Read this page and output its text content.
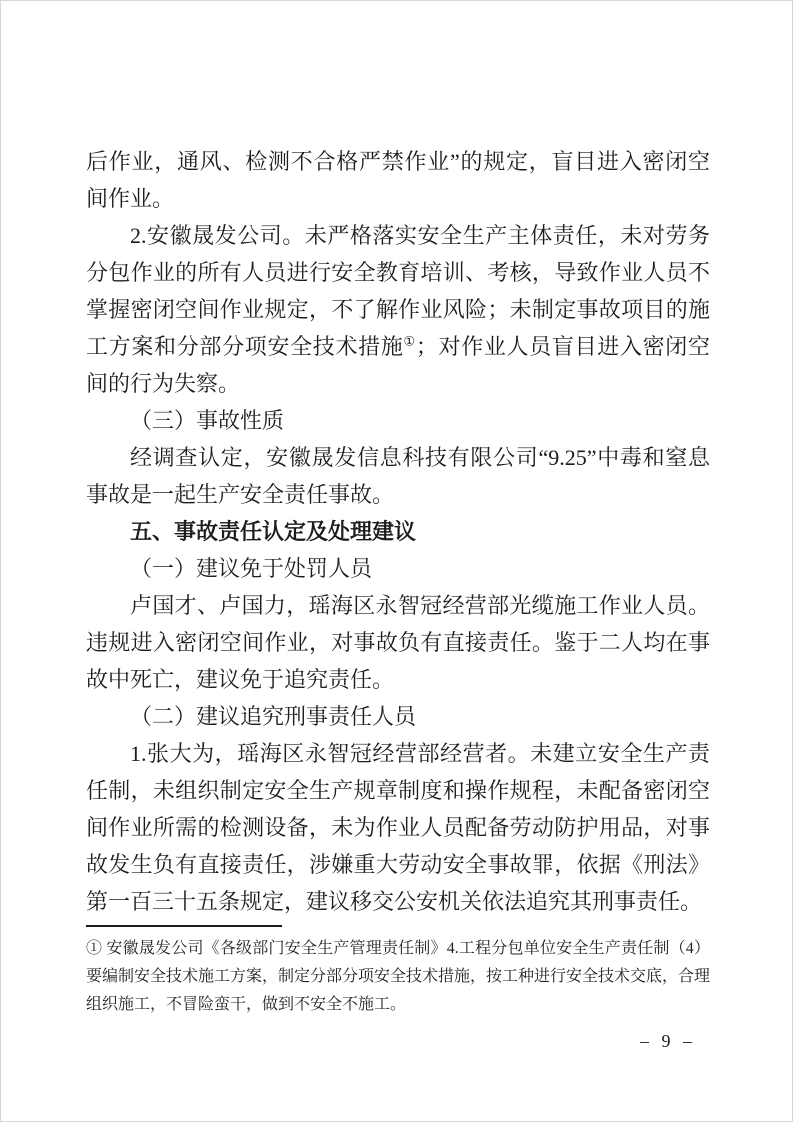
后作业，通风、检测不合格严禁作业”的规定，盲目进入密闭空间作业。

2.安徽晟发公司。未严格落实安全生产主体责任，未对劳务分包作业的所有人员进行安全教育培训、考核，导致作业人员不掌握密闭空间作业规定，不了解作业风险；未制定事故项目的施工方案和分部分项安全技术措施①；对作业人员盲目进入密闭空间的行为失察。

（三）事故性质

经调查认定，安徽晟发信息科技有限公司“9.25”中毒和窒息事故是一起生产安全责任事故。

五、事故责任认定及处理建议

（一）建议免于处罚人员

卢国才、卢国力，瑶海区永智冠经营部光缆施工作业人员。违规进入密闭空间作业，对事故负有直接责任。鉴于二人均在事故中死亡，建议免于追究责任。

（二）建议追究刑事责任人员

1.张大为，瑶海区永智冠经营部经营者。未建立安全生产责任制，未组织制定安全生产规章制度和操作规程，未配备密闭空间作业所需的检测设备，未为作业人员配备劳动防护用品，对事故发生负有直接责任，涉嫌重大劳动安全事故罪，依据《刑法》第一百三十五条规定，建议移交公安机关依法追究其刑事责任。

① 安徽晟发公司《各级部门安全生产管理责任制》4.工程分包单位安全生产责任制（4）要编制安全技术施工方案，制定分部分项安全技术措施，按工种进行安全技术交底，合理组织施工，不冒险蛮干，做到不安全不施工。

– 9 –
